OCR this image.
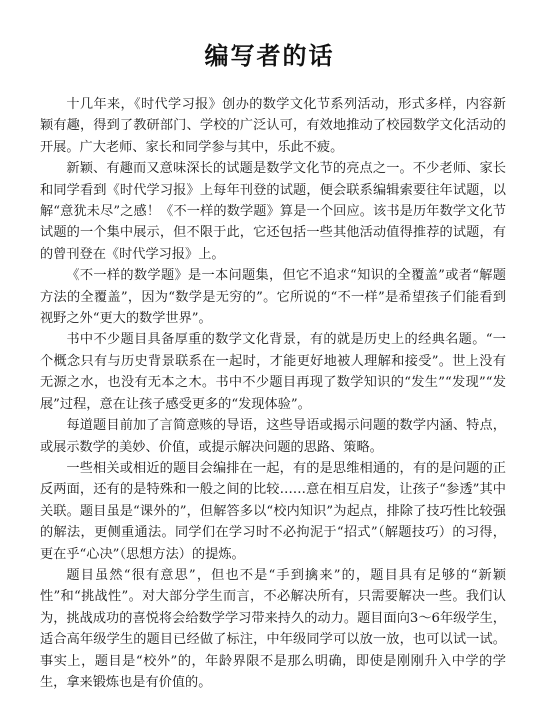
编写者的话

十几年来，《时代学习报》创办的数学文化节系列活动，形式多样，内容新颖有趣，得到了教研部门、学校的广泛认可，有效地推动了校园数学文化活动的开展。广大老师、家长和同学参与其中，乐此不疲。

新颖、有趣而又意味深长的试题是数学文化节的亮点之一。不少老师、家长和同学看到《时代学习报》上每年刊登的试题，便会联系编辑索要往年试题，以解“意犹未尽”之感！《不一样的数学题》算是一个回应。该书是历年数学文化节试题的一个集中展示，但不限于此，它还包括一些其他活动值得推荐的试题，有的曾刊登在《时代学习报》上。

《不一样的数学题》是一本问题集，但它不追求“知识的全覆盖”或者“解题方法的全覆盖”，因为“数学是无穷的”。它所说的“不一样”是希望孩子们能看到视野之外“更大的数学世界”。

书中不少题目具备厚重的数学文化背景，有的就是历史上的经典名题。“一个概念只有与历史背景联系在一起时，才能更好地被人理解和接受”。世上没有无源之水，也没有无本之木。书中不少题目再现了数学知识的“发生”“发现”“发展”过程，意在让孩子感受更多的“发现体验”。

每道题目前加了言简意赅的导语，这些导语或揭示问题的数学内涵、特点，或展示数学的美妙、价值，或提示解决问题的思路、策略。

一些相关或相近的题目会编排在一起，有的是思维相通的，有的是问题的正反两面，还有的是特殊和一般之间的比较……意在相互启发，让孩子“参透”其中关联。题目虽是“课外的”，但解答多以“校内知识”为起点，排除了技巧性比较强的解法，更侧重通法。同学们在学习时不必拘泥于“招式”（解题技巧）的习得，更在乎“心决”（思想方法）的提炼。

题目虽然“很有意思”，但也不是“手到擒来”的，题目具有足够的“新颖性”和“挑战性”。对大部分学生而言，不必解决所有，只需要解决一些。我们认为，挑战成功的喜悦将会给数学学习带来持久的动力。题目面向3～6年级学生，适合高年级学生的题目已经做了标注，中年级同学可以放一放，也可以试一试。事实上，题目是“校外”的，年龄界限不是那么明确，即使是刚刚升入中学的学生，拿来锻炼也是有价值的。
